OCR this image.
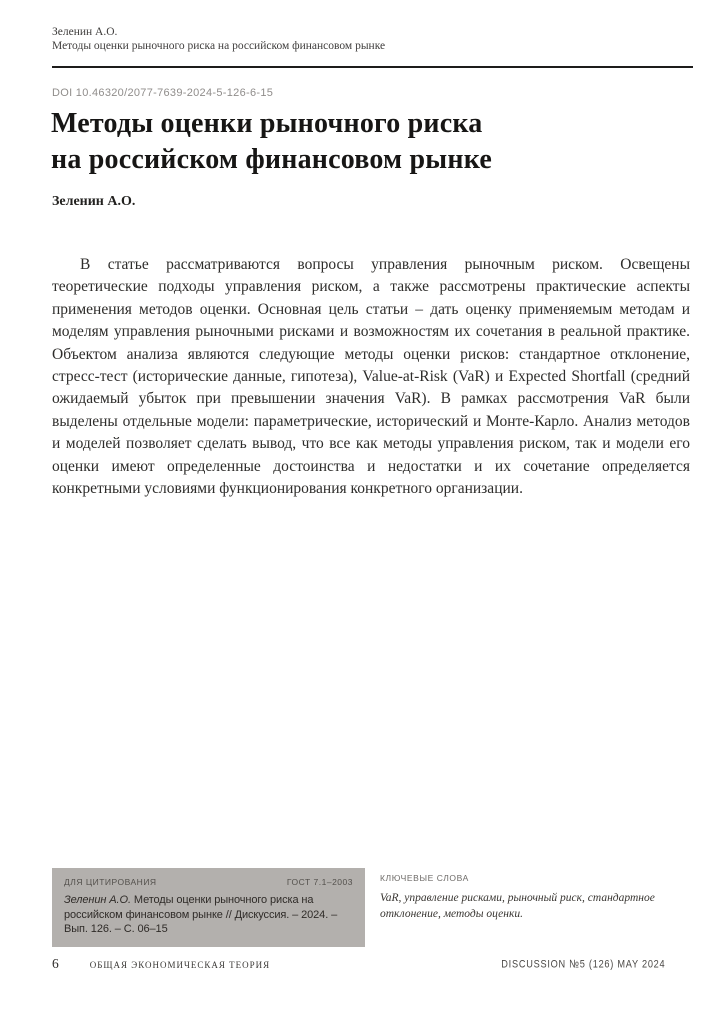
Зеленин А.О.
Методы оценки рыночного риска на российском финансовом рынке
DOI 10.46320/2077-7639-2024-5-126-6-15
Методы оценки рыночного риска
на российском финансовом рынке
Зеленин А.О.

В статье рассматриваются вопросы управления рыночным риском. Освещены теоретические подходы управления риском, а также рассмотрены практические аспекты применения методов оценки. Основная цель статьи – дать оценку применяемым методам и моделям управления рыночными рисками и возможностям их сочетания в реальной практике. Объектом анализа являются следующие методы оценки рисков: стандартное отклонение, стресс-тест (исторические данные, гипотеза), Value-at-Risk (VaR) и Expected Shortfall (средний ожидаемый убыток при превышении значения VaR). В рамках рассмотрения VaR были выделены отдельные модели: параметрические, исторический и Монте-Карло. Анализ методов и моделей позволяет сделать вывод, что все как методы управления риском, так и модели его оценки имеют определенные достоинства и недостатки и их сочетание определяется конкретными условиями функционирования конкретного организации.

ДЛЯ ЦИТИРОВАНИЯ	ГОСТ 7.1–2003
Зеленин А.О. Методы оценки рыночного риска на российском финансовом рынке // Дискуссия. – 2024. – Вып. 126. – С. 06–15
КЛЮЧЕВЫЕ СЛОВА
VaR, управление рисками, рыночный риск, стандартное отклонение, методы оценки.
6	ОБЩАЯ ЭКОНОМИЧЕСКАЯ ТЕОРИЯ	DISCUSSION №5 (126) MAY 2024
